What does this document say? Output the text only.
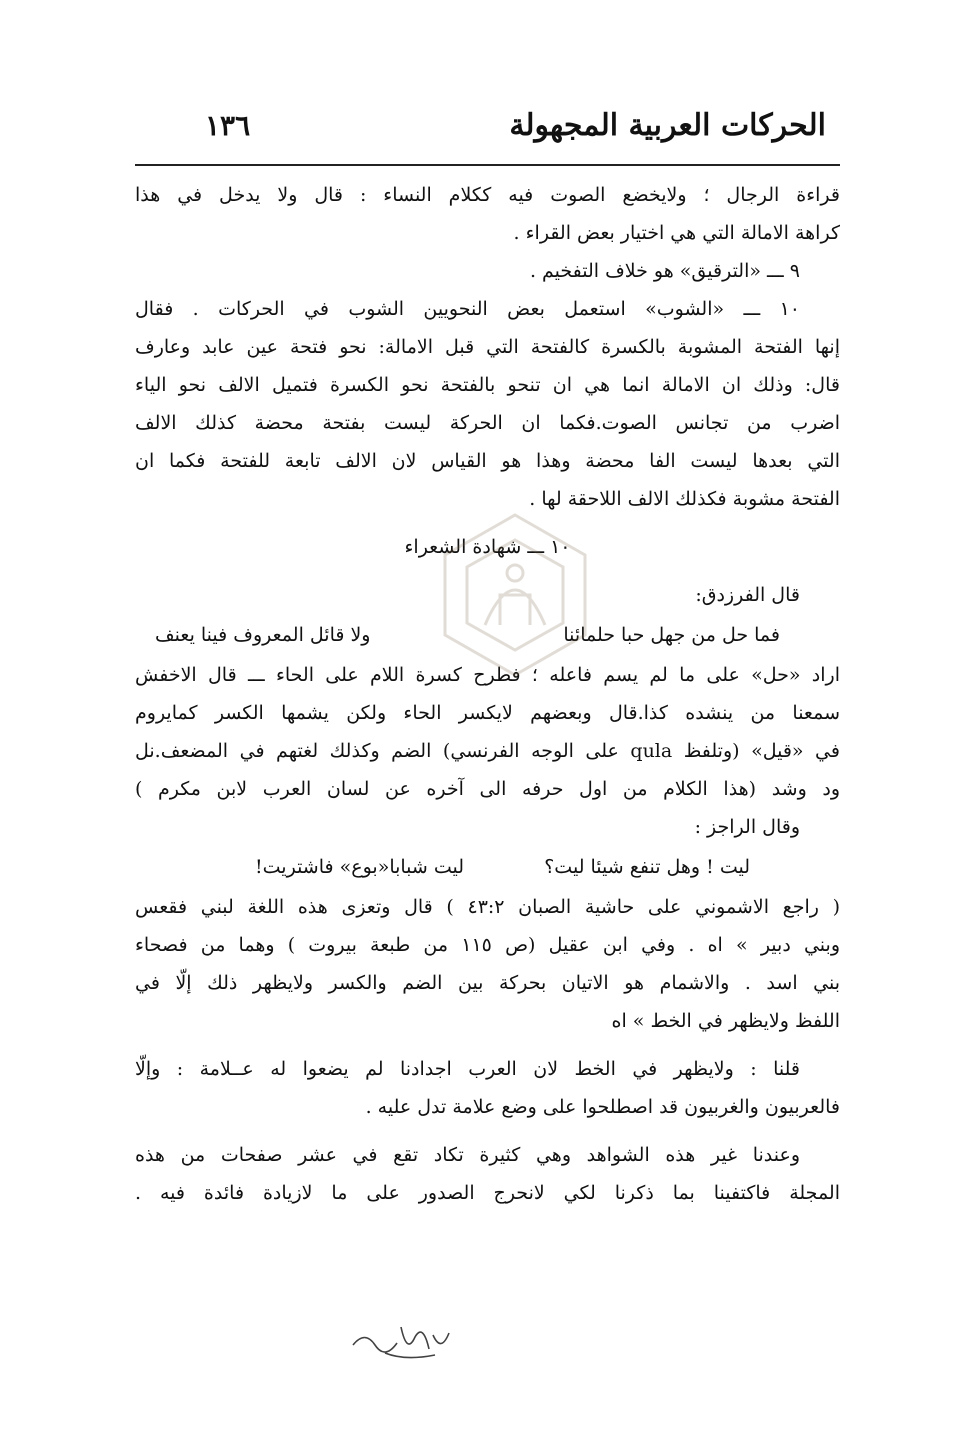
الحركات العربية المجهولة
١٣٦
قراءة الرجال ؛ ولايخضع الصوت فيه ككلام النساء : قال ولا يدخل في هذا
كراهة الامالة التي هي اختيار بعض القراء .
٩ ـــ «الترقيق» هو خلاف التفخيم .
١٠ ـــ «الشوب» استعمل بعض النحويين الشوب في الحركات . فقال
إنها الفتحة المشوبة بالكسرة كالفتحة التي قبل الامالة: نحو فتحة عين عابد وعارف
قال: وذلك ان الامالة انما هي ان تنحو بالفتحة نحو الكسرة فتميل الالف نحو الياء
اضرب من تجانس الصوت.فكما ان الحركة ليست بفتحة محضة كذلك الالف
التي بعدها ليست الفا محضة وهذا هو القياس لان الالف تابعة للفتحة فكما ان
الفتحة مشوبة فكذلك الالف اللاحقة لها .
١٠ ـــ شهادة الشعراء
قال الفرزدق:
فما حل من جهل حبا حلمائنا
ولا قائل المعروف فينا يعنف
اراد «حل» على ما لم يسم فاعله ؛ فطرح كسرة اللام على الحاء ـــ قال الاخفش
سمعنا من ينشده كذا.قال وبعضهم لايكسر الحاء ولكن يشمها الكسر كمايروم
في «قيل» (وتلفظ qula على الوجه الفرنسي) الضم وكذلك لغتهم في المضعف.نل
ود وشد (هذا الكلام من اول حرفه الى آخره عن لسان العرب لابن مكرم )
وقال الراجز :
ليت ! وهل تنفع شيئا ليت؟
ليت شبابا«بوع» فاشتريت!
( راجع الاشموني على حاشية الصبان ٤٣:٢ ) قال وتعزى هذه اللغة لبني فقعس
وبني دبير » اه . وفي ابن عقيل (ص ١١٥ من طبعة بيروت ) وهما من فصحاء
بني اسد . والاشمام هو الاتيان بحركة بين الضم والكسر ولايظهر ذلك إلّا في
اللفظ ولايظهر في الخط » اه
قلنا : ولايظهر في الخط لان العرب اجدادنا لم يضعوا له عــلامة : وإلّا
فالعربيون والغربيون قد اصطلحوا على وضع علامة تدل عليه .
وعندنا غير هذه الشواهد وهي كثيرة تكاد تقع في عشر صفحات من هذه
المجلة فاكتفينا بما ذكرنا لكي لانحرج الصدور على ما لازيادة فائدة فيه .
